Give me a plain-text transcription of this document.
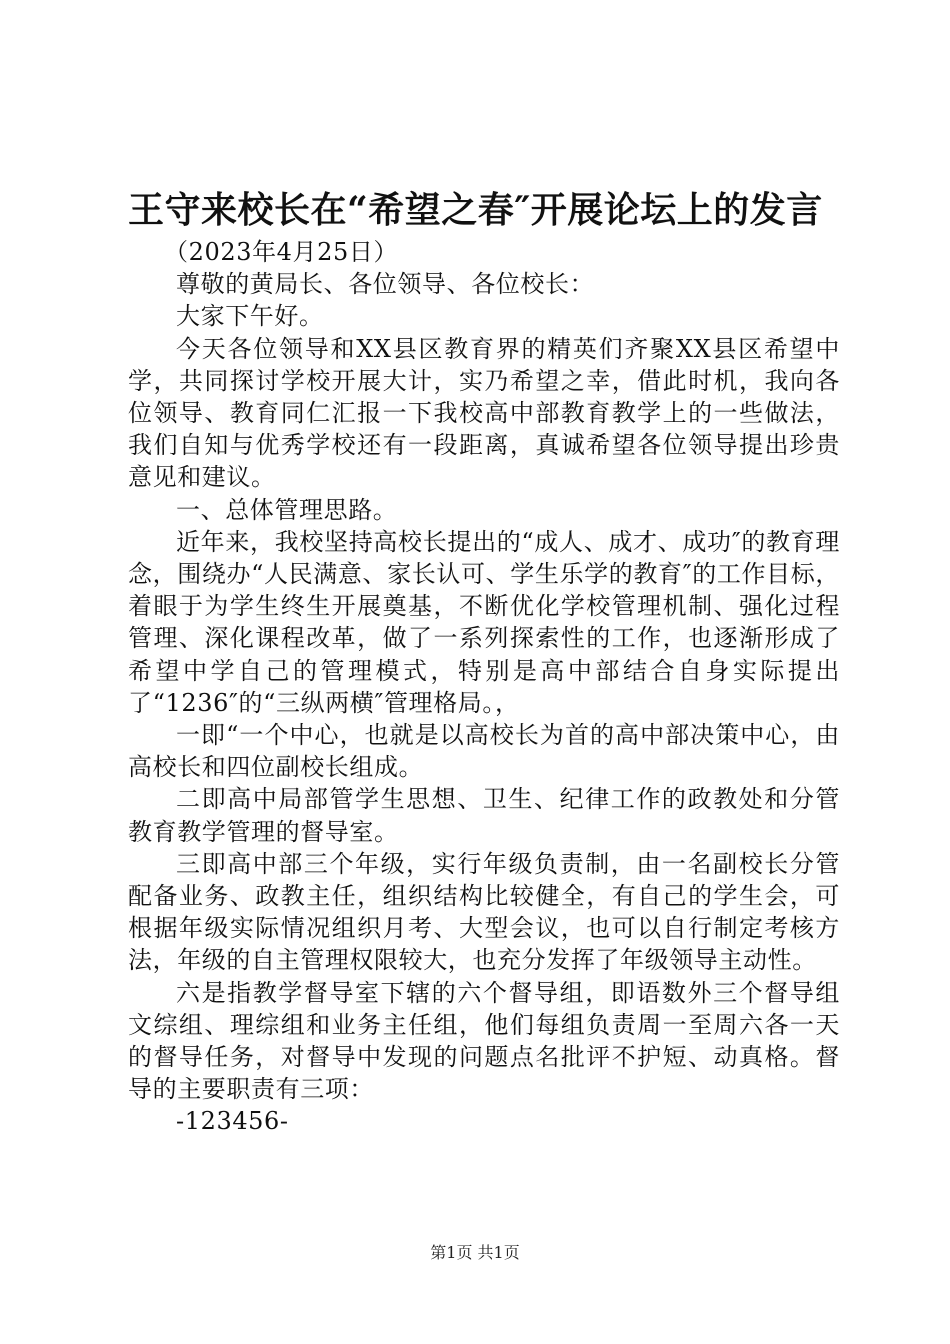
王守来校长在“希望之春″开展论坛上的发言

（2023年4月25日）

尊敬的黄局长、各位领导、各位校长：

大家下午好。

今天各位领导和XX县区教育界的精英们齐聚XX县区希望中学，共同探讨学校开展大计，实乃希望之幸，借此时机，我向各位领导、教育同仁汇报一下我校高中部教育教学上的一些做法，我们自知与优秀学校还有一段距离，真诚希望各位领导提出珍贵意见和建议。

一、总体管理思路。

近年来，我校坚持高校长提出的“成人、成才、成功″的教育理念，围绕办“人民满意、家长认可、学生乐学的教育″的工作目标，着眼于为学生终生开展奠基，不断优化学校管理机制、强化过程管理、深化课程改革，做了一系列探索性的工作，也逐渐形成了希望中学自己的管理模式，特别是高中部结合自身实际提出了“1236″的“三纵两横″管理格局。，

一即“一个中心，也就是以高校长为首的高中部决策中心，由高校长和四位副校长组成。

二即高中局部管学生思想、卫生、纪律工作的政教处和分管教育教学管理的督导室。

三即高中部三个年级，实行年级负责制，由一名副校长分管配备业务、政教主任，组织结构比较健全，有自己的学生会，可根据年级实际情况组织月考、大型会议，也可以自行制定考核方法，年级的自主管理权限较大，也充分发挥了年级领导主动性。

六是指教学督导室下辖的六个督导组，即语数外三个督导组文综组、理综组和业务主任组，他们每组负责周一至周六各一天的督导任务，对督导中发现的问题点名批评不护短、动真格。督导的主要职责有三项：

-123456-

第1页 共1页
